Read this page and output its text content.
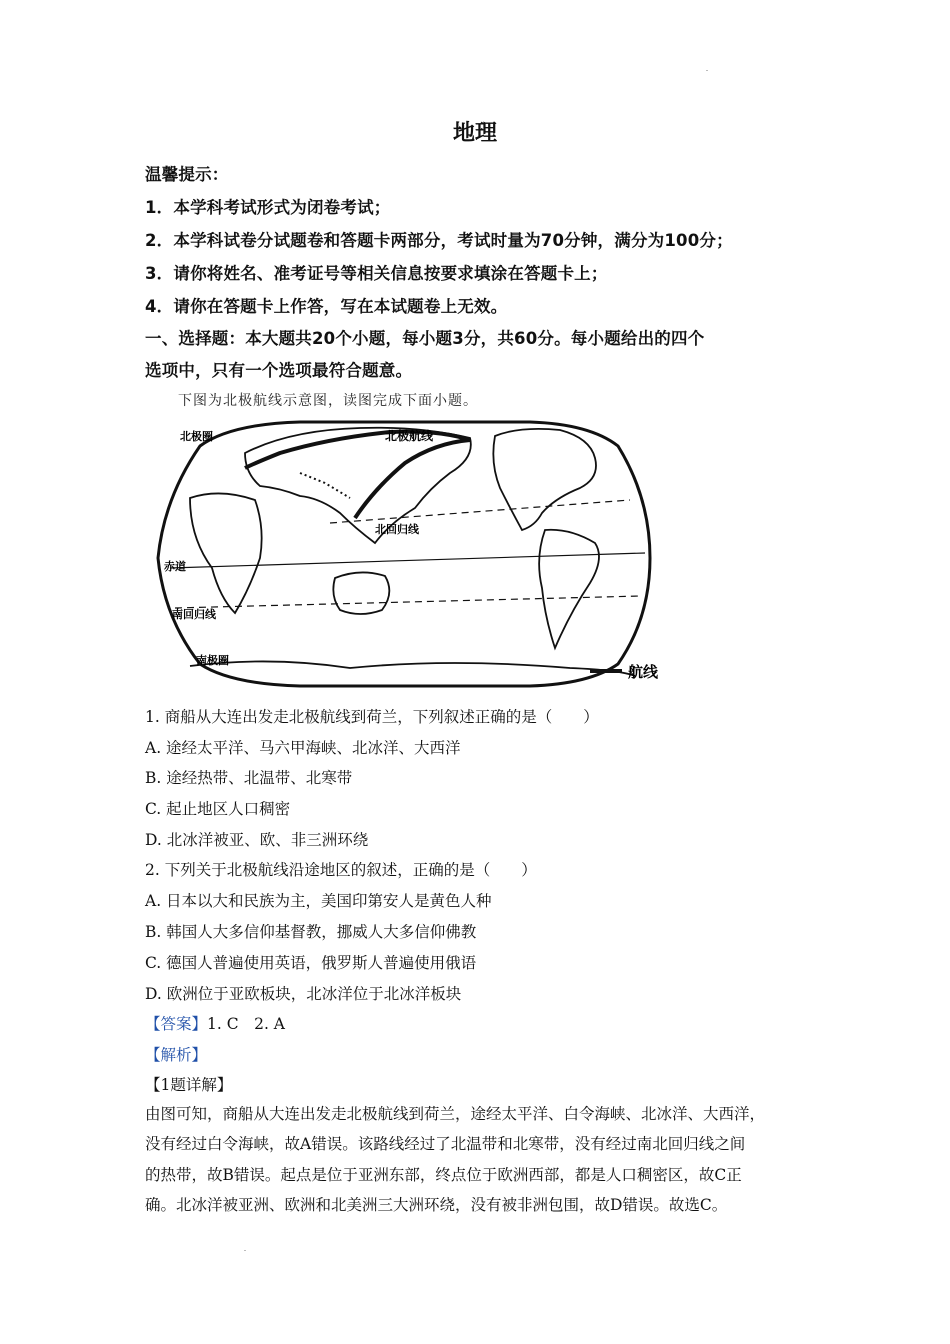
地理
温馨提示：
1．本学科考试形式为闭卷考试；
2．本学科试卷分试题卷和答题卡两部分，考试时量为70分钟，满分为100分；
3．请你将姓名、准考证号等相关信息按要求填涂在答题卡上；
4．请你在答题卡上作答，写在本试题卷上无效。
一、选择题：本大题共20个小题，每小题3分，共60分。每小题给出的四个
选项中，只有一个选项最符合题意。
下图为北极航线示意图，读图完成下面小题。
北极圈	北极航线
北回归线
赤道
南回归线
南极圈
航线
1. 商船从大连出发走北极航线到荷兰，下列叙述正确的是（　　）
A. 途经太平洋、马六甲海峡、北冰洋、大西洋
B. 途经热带、北温带、北寒带
C. 起止地区人口稠密
D. 北冰洋被亚、欧、非三洲环绕
2. 下列关于北极航线沿途地区的叙述，正确的是（　　）
A. 日本以大和民族为主，美国印第安人是黄色人种
B. 韩国人大多信仰基督教，挪威人大多信仰佛教
C. 德国人普遍使用英语，俄罗斯人普遍使用俄语
D. 欧洲位于亚欧板块，北冰洋位于北冰洋板块
【答案】1. C　2. A
【解析】
【1题详解】
由图可知，商船从大连出发走北极航线到荷兰，途经太平洋、白令海峡、北冰洋、大西洋，
没有经过白令海峡，故A错误。该路线经过了北温带和北寒带，没有经过南北回归线之间
的热带，故B错误。起点是位于亚洲东部，终点位于欧洲西部，都是人口稠密区，故C正
确。北冰洋被亚洲、欧洲和北美洲三大洲环绕，没有被非洲包围，故D错误。故选C。
